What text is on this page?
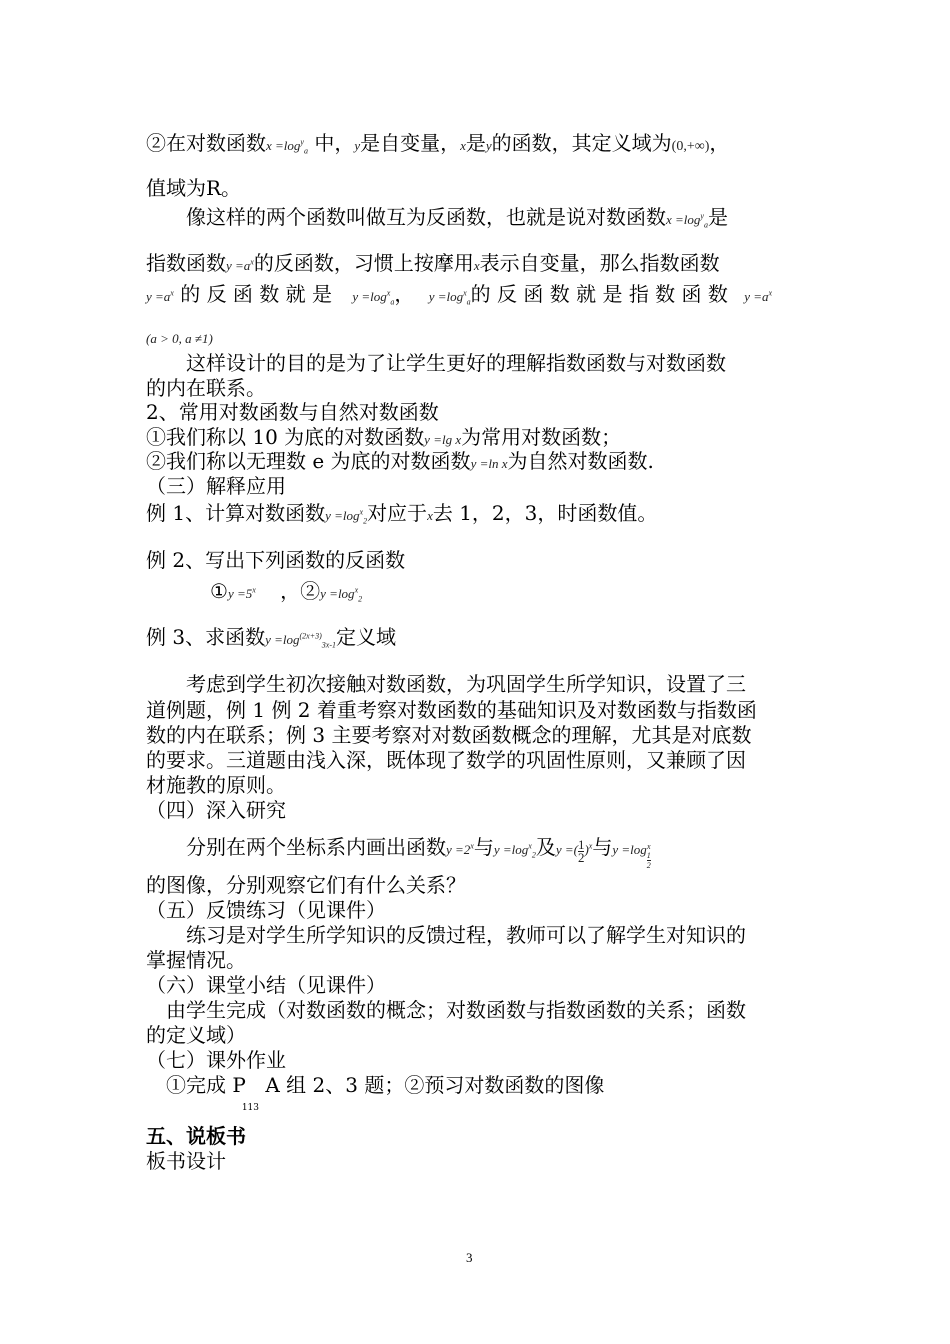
②在对数函数$x =\log^y_a$ 中，y是自变量，x是y的函数，其定义域为(0,+∞)，
值域为R。
像这样的两个函数叫做互为反函数，也就是说对数函数$x =\log^y_a$是
指数函数$y =a^x$的反函数，习惯上按摩用x表示自变量，那么指数函数
$y =a^x$ 的 反 函 数 就 是 $y =\log^x_a$， $y =\log^x_a$的 反 函 数 就 是 指 数 函 数 $y =a^x$
(a > 0, a ≠1)
这样设计的目的是为了让学生更好的理解指数函数与对数函数
的内在联系。
2、常用对数函数与自然对数函数
①我们称以 10 为底的对数函数y =lg x为常用对数函数；
②我们称以无理数 e 为底的对数函数y =ln x为自然对数函数.
（三）解释应用
例 1、计算对数函数$y =\log^x_2$对应于x去 1，2，3，时函数值。
例 2、写出下列函数的反函数
①y $=5^x$ ，②y $=\log^x_2$
例 3、求函数$y =\log^{(2x+3)}_{3x-1}$定义域
考虑到学生初次接触对数函数，为巩固学生所学知识，设置了三
道例题，例 1 例 2 着重考察对数函数的基础知识及对数函数与指数函
数的内在联系；例 3 主要考察对对数函数概念的理解，尤其是对底数
的要求。三道题由浅入深，既体现了数学的巩固性原则，又兼顾了因
材施教的原则。
（四）深入研究
分别在两个坐标系内画出函数$y =2^x$与$y =\log^x_2$及y =( $\frac{1}{2} )^x$与y =log x
1
2
的图像，分别观察它们有什么关系？
（五）反馈练习（见课件）
练习是对学生所学知识的反馈过程，教师可以了解学生对知识的
掌握情况。
（六）课堂小结（见课件）
由学生完成（对数函数的概念；对数函数与指数函数的关系；函数
的定义域）
（七）课外作业
①完成 $P_{113}$ A 组 2、3 题；②预习对数函数的图像
五、说板书
板书设计
3
